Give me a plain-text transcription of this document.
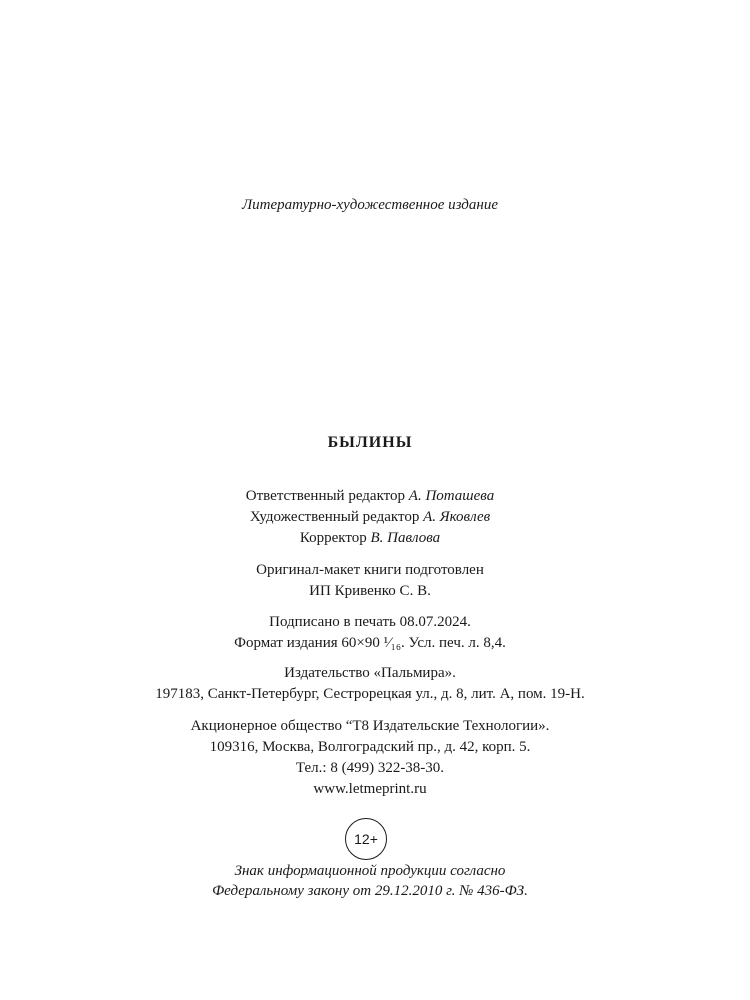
Литературно-художественное издание
БЫЛИНЫ
Ответственный редактор А. Поташева
Художественный редактор А. Яковлев
Корректор В. Павлова
Оригинал-макет книги подготовлен
ИП Кривенко С. В.
Подписано в печать 08.07.2024.
Формат издания 60×90 ¹⁄₁₆. Усл. печ. л. 8,4.
Издательство «Пальмира».
197183, Санкт-Петербург, Сестрорецкая ул., д. 8, лит. А, пом. 19-Н.
Акционерное общество “Т8 Издательские Технологии».
109316, Москва, Волгоградский пр., д. 42, корп. 5.
Тел.: 8 (499) 322-38-30.
www.letmeprint.ru
12+
Знак информационной продукции согласно
Федеральному закону от 29.12.2010 г. № 436-ФЗ.
